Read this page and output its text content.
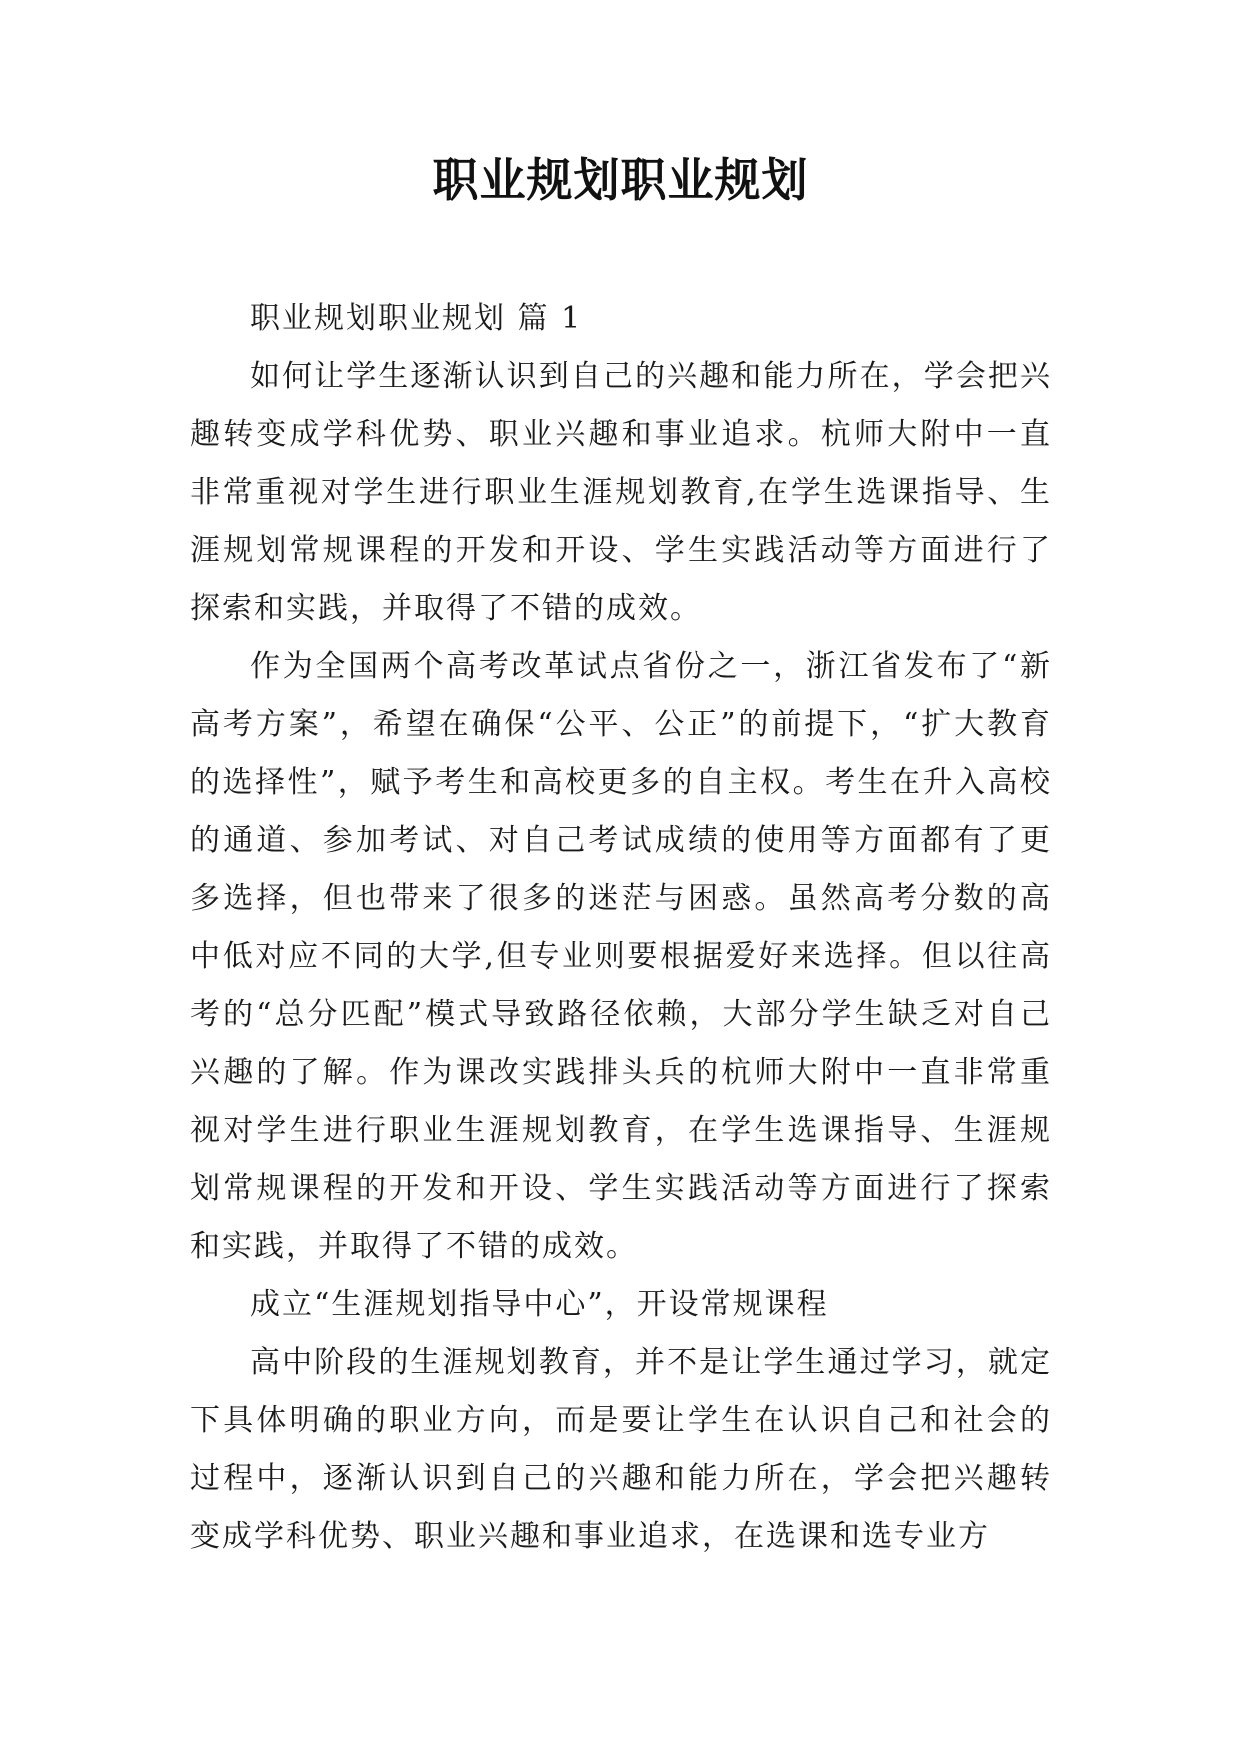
职业规划职业规划

职业规划职业规划 篇 1

如何让学生逐渐认识到自己的兴趣和能力所在，学会把兴趣转变成学科优势、职业兴趣和事业追求。杭师大附中一直非常重视对学生进行职业生涯规划教育,在学生选课指导、生涯规划常规课程的开发和开设、学生实践活动等方面进行了探索和实践，并取得了不错的成效。

作为全国两个高考改革试点省份之一，浙江省发布了“新高考方案”，希望在确保“公平、公正”的前提下，“扩大教育的选择性”，赋予考生和高校更多的自主权。考生在升入高校的通道、参加考试、对自己考试成绩的使用等方面都有了更多选择，但也带来了很多的迷茫与困惑。虽然高考分数的高中低对应不同的大学,但专业则要根据爱好来选择。但以往高考的“总分匹配”模式导致路径依赖，大部分学生缺乏对自己兴趣的了解。作为课改实践排头兵的杭师大附中一直非常重视对学生进行职业生涯规划教育，在学生选课指导、生涯规划常规课程的开发和开设、学生实践活动等方面进行了探索和实践，并取得了不错的成效。

成立“生涯规划指导中心”，开设常规课程

高中阶段的生涯规划教育，并不是让学生通过学习，就定下具体明确的职业方向，而是要让学生在认识自己和社会的过程中，逐渐认识到自己的兴趣和能力所在，学会把兴趣转变成学科优势、职业兴趣和事业追求，在选课和选专业方
